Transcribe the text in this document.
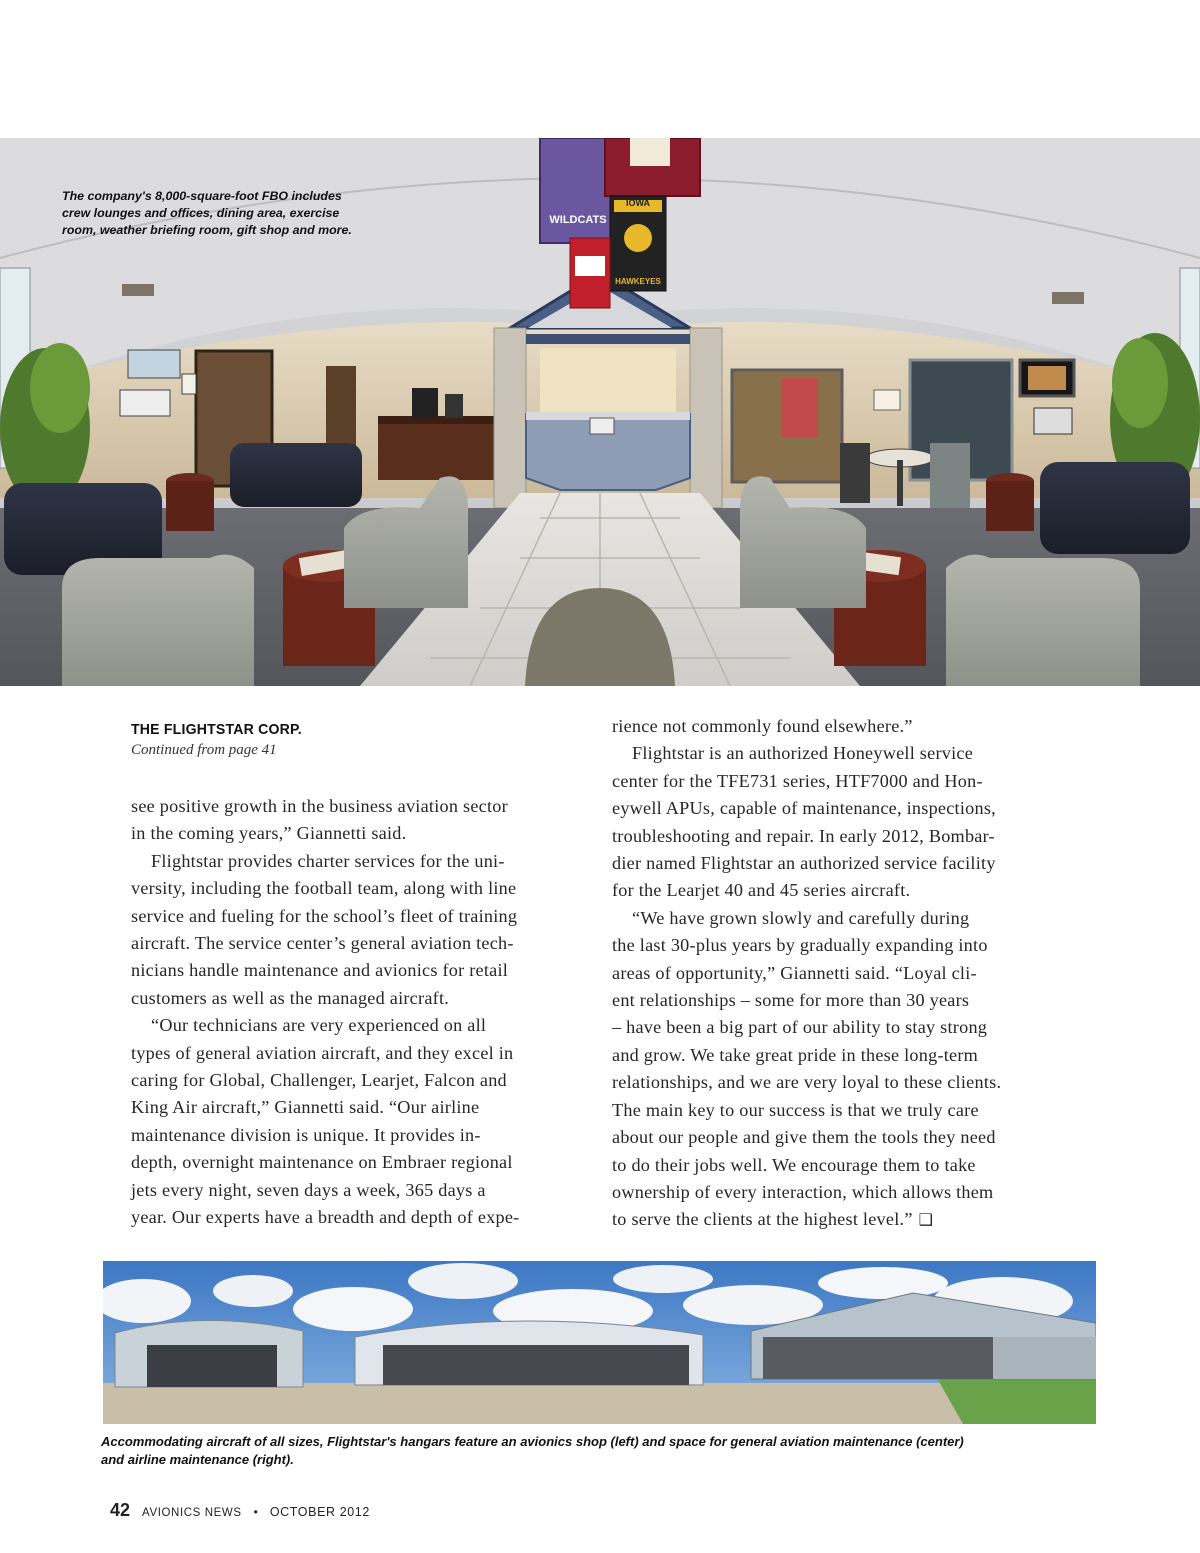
WILDCATS
IOWA
HAWKEYES
The company's 8,000-square-foot FBO includes
crew lounges and offices, dining area, exercise
room, weather briefing room, gift shop and more.
THE FLIGHTSTAR CORP.
Continued from page 41

see positive growth in the business aviation sector
in the coming years,” Giannetti said.

Flightstar provides charter services for the uni-
versity, including the football team, along with line
service and fueling for the school’s fleet of training
aircraft. The service center’s general aviation tech-
nicians handle maintenance and avionics for retail
customers as well as the managed aircraft.

“Our technicians are very experienced on all
types of general aviation aircraft, and they excel in
caring for Global, Challenger, Learjet, Falcon and
King Air aircraft,” Giannetti said. “Our airline
maintenance division is unique. It provides in-
depth, overnight maintenance on Embraer regional
jets every night, seven days a week, 365 days a
year. Our experts have a breadth and depth of expe-

rience not commonly found elsewhere.”

Flightstar is an authorized Honeywell service
center for the TFE731 series, HTF7000 and Hon-
eywell APUs, capable of maintenance, inspections,
troubleshooting and repair. In early 2012, Bombar-
dier named Flightstar an authorized service facility
for the Learjet 40 and 45 series aircraft.

“We have grown slowly and carefully during
the last 30-plus years by gradually expanding into
areas of opportunity,” Giannetti said. “Loyal cli-
ent relationships – some for more than 30 years
– have been a big part of our ability to stay strong
and grow. We take great pride in these long-term
relationships, and we are very loyal to these clients.
The main key to our success is that we truly care
about our people and give them the tools they need
to do their jobs well. We encourage them to take
ownership of every interaction, which allows them
to serve the clients at the highest level.” ❑

Accommodating aircraft of all sizes, Flightstar's hangars feature an avionics shop (left) and space for general aviation maintenance (center)
and airline maintenance (right).
42 AVIONICS NEWS • OCTOBER 2012
